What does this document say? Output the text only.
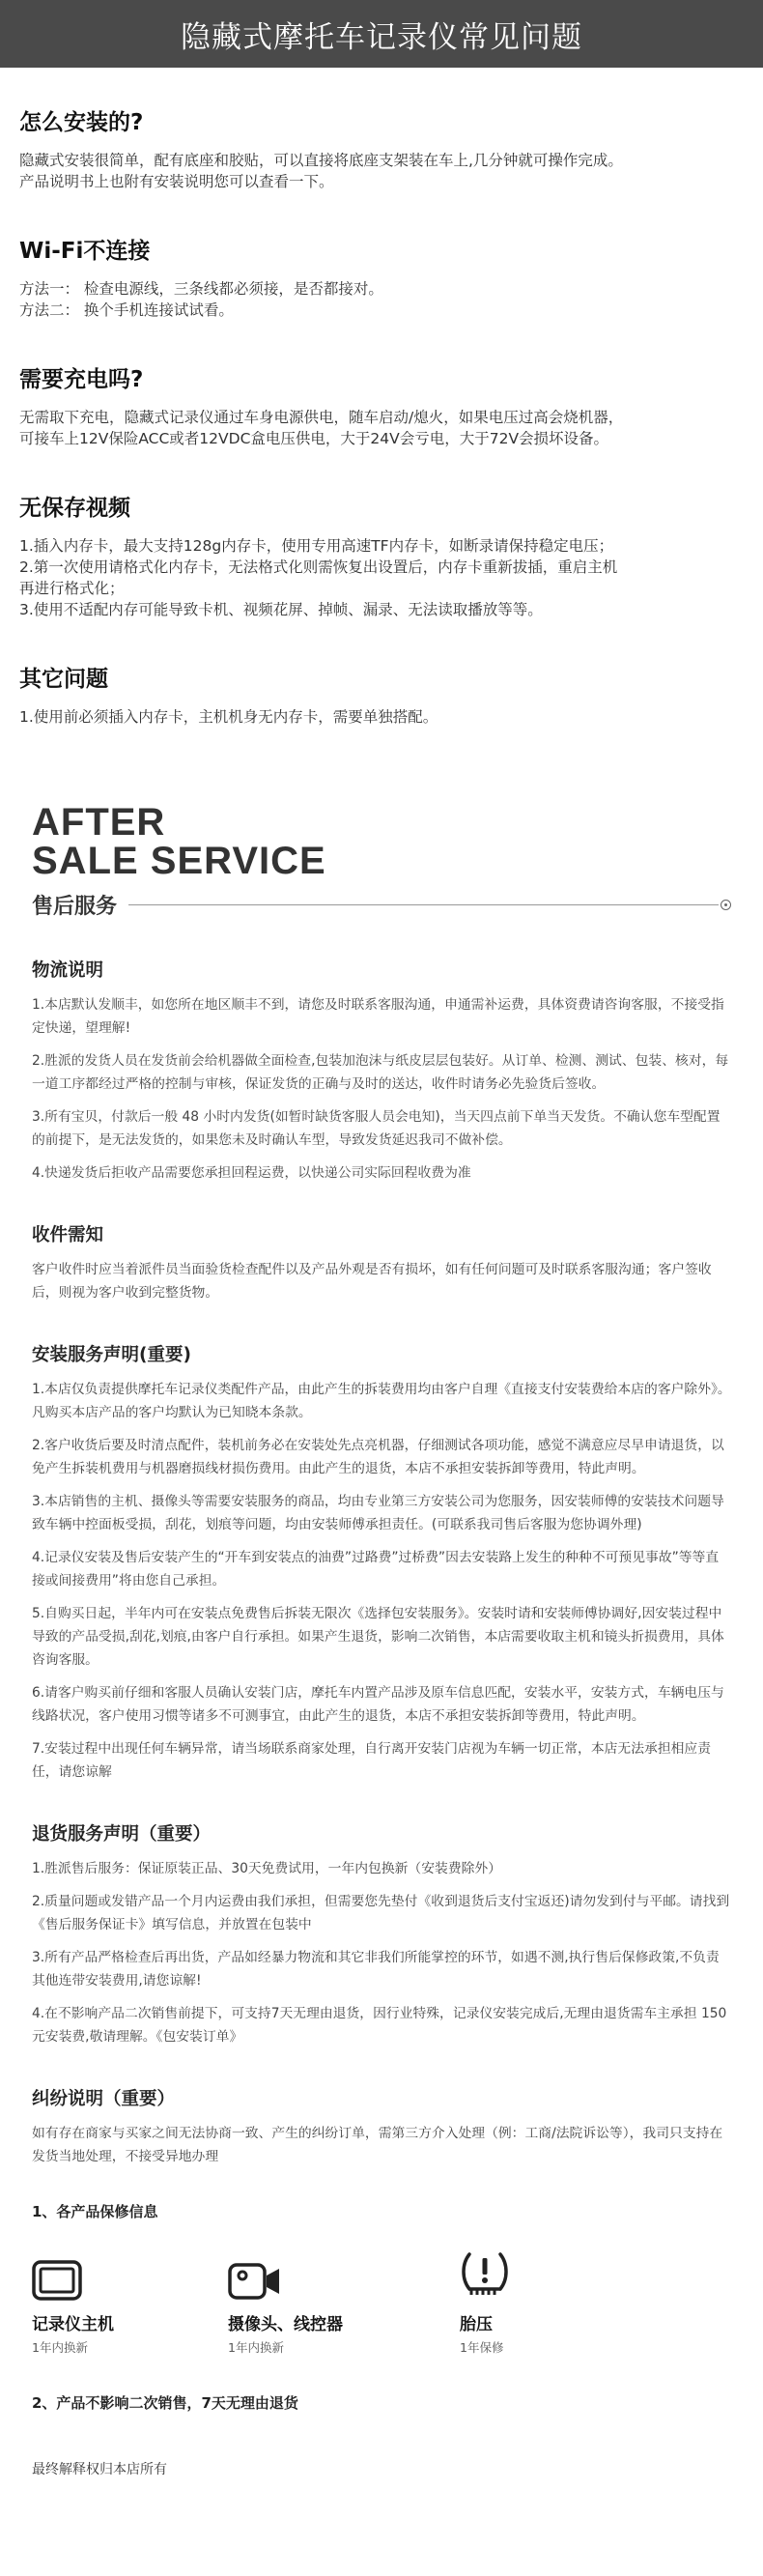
隐藏式摩托车记录仪常见问题
怎么安装的?

隐藏式安装很简单，配有底座和胶贴，可以直接将底座支架装在车上,几分钟就可操作完成。

产品说明书上也附有安装说明您可以查看一下。

Wi-Fi不连接

方法一： 检查电源线，三条线都必须接，是否都接对。

方法二： 换个手机连接试试看。

需要充电吗?

无需取下充电，隐藏式记录仪通过车身电源供电，随车启动/熄火，如果电压过高会烧机器，

可接车上12V保险ACC或者12VDC盒电压供电，大于24V会亏电，大于72V会损坏设备。

无保存视频

1.插入内存卡，最大支持128g内存卡，使用专用高速TF内存卡，如断录请保持稳定电压；

2.第一次使用请格式化内存卡，无法格式化则需恢复出设置后，内存卡重新拔插，重启主机

再进行格式化；

3.使用不适配内存可能导致卡机、视频花屏、掉帧、漏录、无法读取播放等等。

其它问题

1.使用前必须插入内存卡，主机机身无内存卡，需要单独搭配。

AFTER
SALE SERVICE
售后服务
物流说明

1.本店默认发顺丰，如您所在地区顺丰不到，请您及时联系客服沟通，申通需补运费，具体资费请咨询客服，不接受指定快递，望理解!

2.胜派的发货人员在发货前会给机器做全面检查,包装加泡沫与纸皮层层包装好。从订单、检测、测试、包装、核对，每一道工序都经过严格的控制与审核，保证发货的正确与及时的送达，收件时请务必先验货后签收。

3.所有宝贝，付款后一般 48 小时内发货(如暂时缺货客服人员会电知)，当天四点前下单当天发货。不确认您车型配置的前提下，是无法发货的，如果您未及时确认车型，导致发货延迟我司不做补偿。

4.快递发货后拒收产品需要您承担回程运费，以快递公司实际回程收费为准

收件需知

客户收件时应当着派件员当面验货检查配件以及产品外观是否有损坏，如有任何问题可及时联系客服沟通；客户签收后，则视为客户收到完整货物。

安装服务声明(重要)

1.本店仅负责提供摩托车记录仪类配件产品，由此产生的拆装费用均由客户自理《直接支付安装费给本店的客户除外》。凡购买本店产品的客户均默认为已知晓本条款。

2.客户收货后要及时清点配件，装机前务必在安装处先点亮机器，仔细测试各项功能，感觉不满意应尽早申请退货，以免产生拆装机费用与机器磨损线材损伤费用。由此产生的退货，本店不承担安装拆卸等费用，特此声明。

3.本店销售的主机、摄像头等需要安装服务的商品，均由专业第三方安装公司为您服务，因安装师傅的安装技术问题导致车辆中控面板受损，刮花，划痕等问题，均由安装师傅承担责任。(可联系我司售后客服为您协调外理)

4.记录仪安装及售后安装产生的“开车到安装点的油费”过路费”过桥费”因去安装路上发生的种种不可预见事故”等等直接或间接费用”将由您自己承担。

5.自购买日起，半年内可在安装点免费售后拆装无限次《选择包安装服务》。安装时请和安装师傅协调好,因安装过程中导致的产品受损,刮花,划痕,由客户自行承担。如果产生退货，影响二次销售，本店需要收取主机和镜头折损费用，具体咨询客服。

6.请客户购买前仔细和客服人员确认安装门店，摩托车内置产品涉及原车信息匹配，安装水平，安装方式，车辆电压与线路状况，客户使用习惯等诸多不可测事宜，由此产生的退货，本店不承担安装拆卸等费用，特此声明。

7.安装过程中出现任何车辆异常，请当场联系商家处理，自行离开安装门店视为车辆一切正常，本店无法承担相应责任，请您谅解

退货服务声明（重要）

1.胜派售后服务：保证原装正品、30天免费试用，一年内包换新（安装费除外）

2.质量问题或发错产品一个月内运费由我们承担，但需要您先垫付《收到退货后支付宝返还)请勿发到付与平邮。请找到《售后服务保证卡》填写信息，并放置在包装中

3.所有产品严格检查后再出货，产品如经暴力物流和其它非我们所能掌控的环节，如遇不测,执行售后保修政策,不负责其他连带安装费用,请您谅解!

4.在不影响产品二次销售前提下，可支持7天无理由退货，因行业特殊，记录仪安装完成后,无理由退货需车主承担 150 元安装费,敬请理解。《包安装订单》

纠纷说明（重要）

如有存在商家与买家之间无法协商一致、产生的纠纷订单，需第三方介入处理（例：工商/法院诉讼等），我司只支持在发货当地处理，不接受异地办理

1、各产品保修信息
记录仪主机
1年内换新
摄像头、线控器
1年内换新
胎压
1年保修
2、产品不影响二次销售，7天无理由退货
最终解释权归本店所有
